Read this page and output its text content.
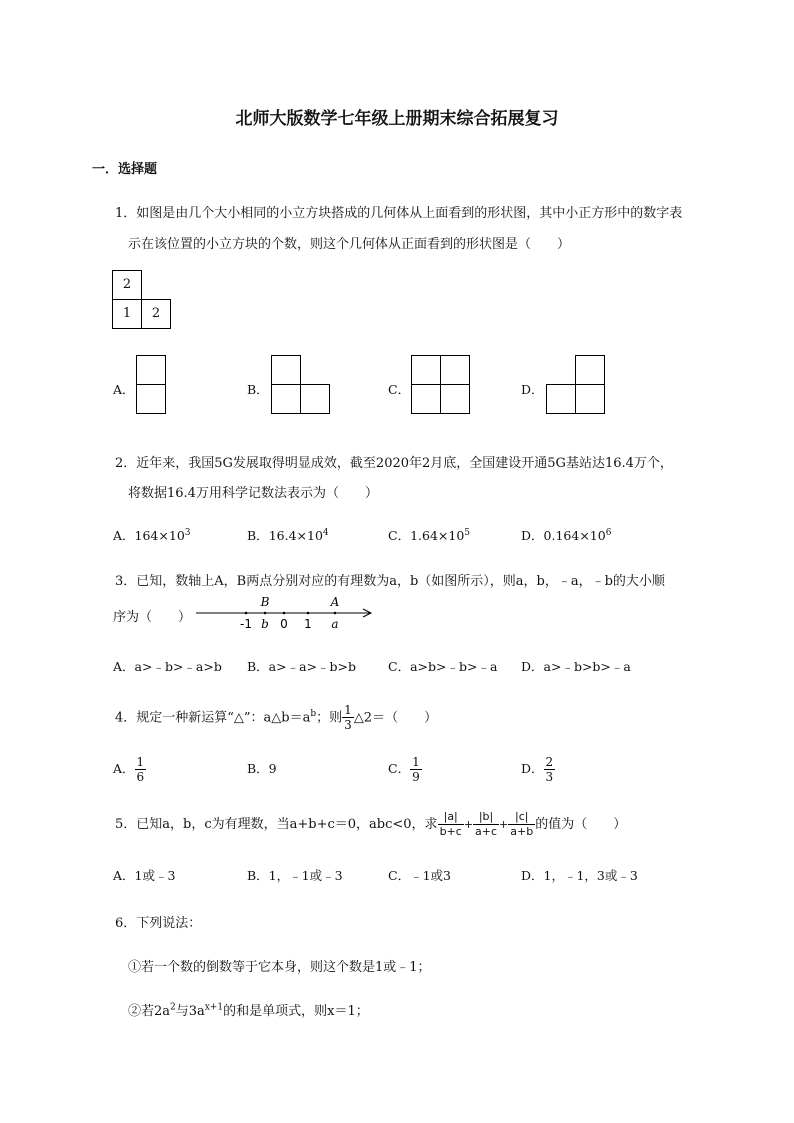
北师大版数学七年级上册期末综合拓展复习
一．选择题
1．如图是由几个大小相同的小立方块搭成的几何体从上面看到的形状图，其中小正方形中的数字表
示在该位置的小立方块的个数，则这个几何体从正面看到的形状图是（　　）
2
1	2
A．	B．	C．	D．
2．近年来，我国5G发展取得明显成效，截至2020年2月底，全国建设开通5G基站达16.4万个，
将数据16.4万用科学记数法表示为（　　）
A．$164\times 10^3$	B．$16.4\times 10^4$	C．$1.64\times 10^5$	D．$0.164\times 10^6$
3．已知，数轴上A，B两点分别对应的有理数为a，b（如图所示），则a，b，﹣a，﹣b的大小顺
序为（　　）
B	A
-1 b 0 1 a
A．a>﹣b>﹣a>b B．a>﹣a>﹣b>b	C．a>b>﹣b>﹣a D．a>﹣b>b>﹣a
4．规定一种新运算“△”：$a\triangle b=a^b$；则 $\frac{1}{3}$ △2＝（　　）
A． $\frac{1}{6}$	B．9	C． $\frac{1}{9}$	D． $\frac{2}{3}$
5．已知a，b，c为有理数，当a+b+c＝0，abc<0，求 $\frac{|a|}{b+c} + \frac{|b|}{a+c} + \frac{|c|}{a+b}$ 的值为（　　）
A．1或﹣3	B．1，﹣1或﹣3	C．﹣1或3	D．1，﹣1，3或﹣3
6．下列说法：
①若一个数的倒数等于它本身，则这个数是1或﹣1；
②若$2a^2$与$3a^{x+1}$的和是单项式，则x＝1；
